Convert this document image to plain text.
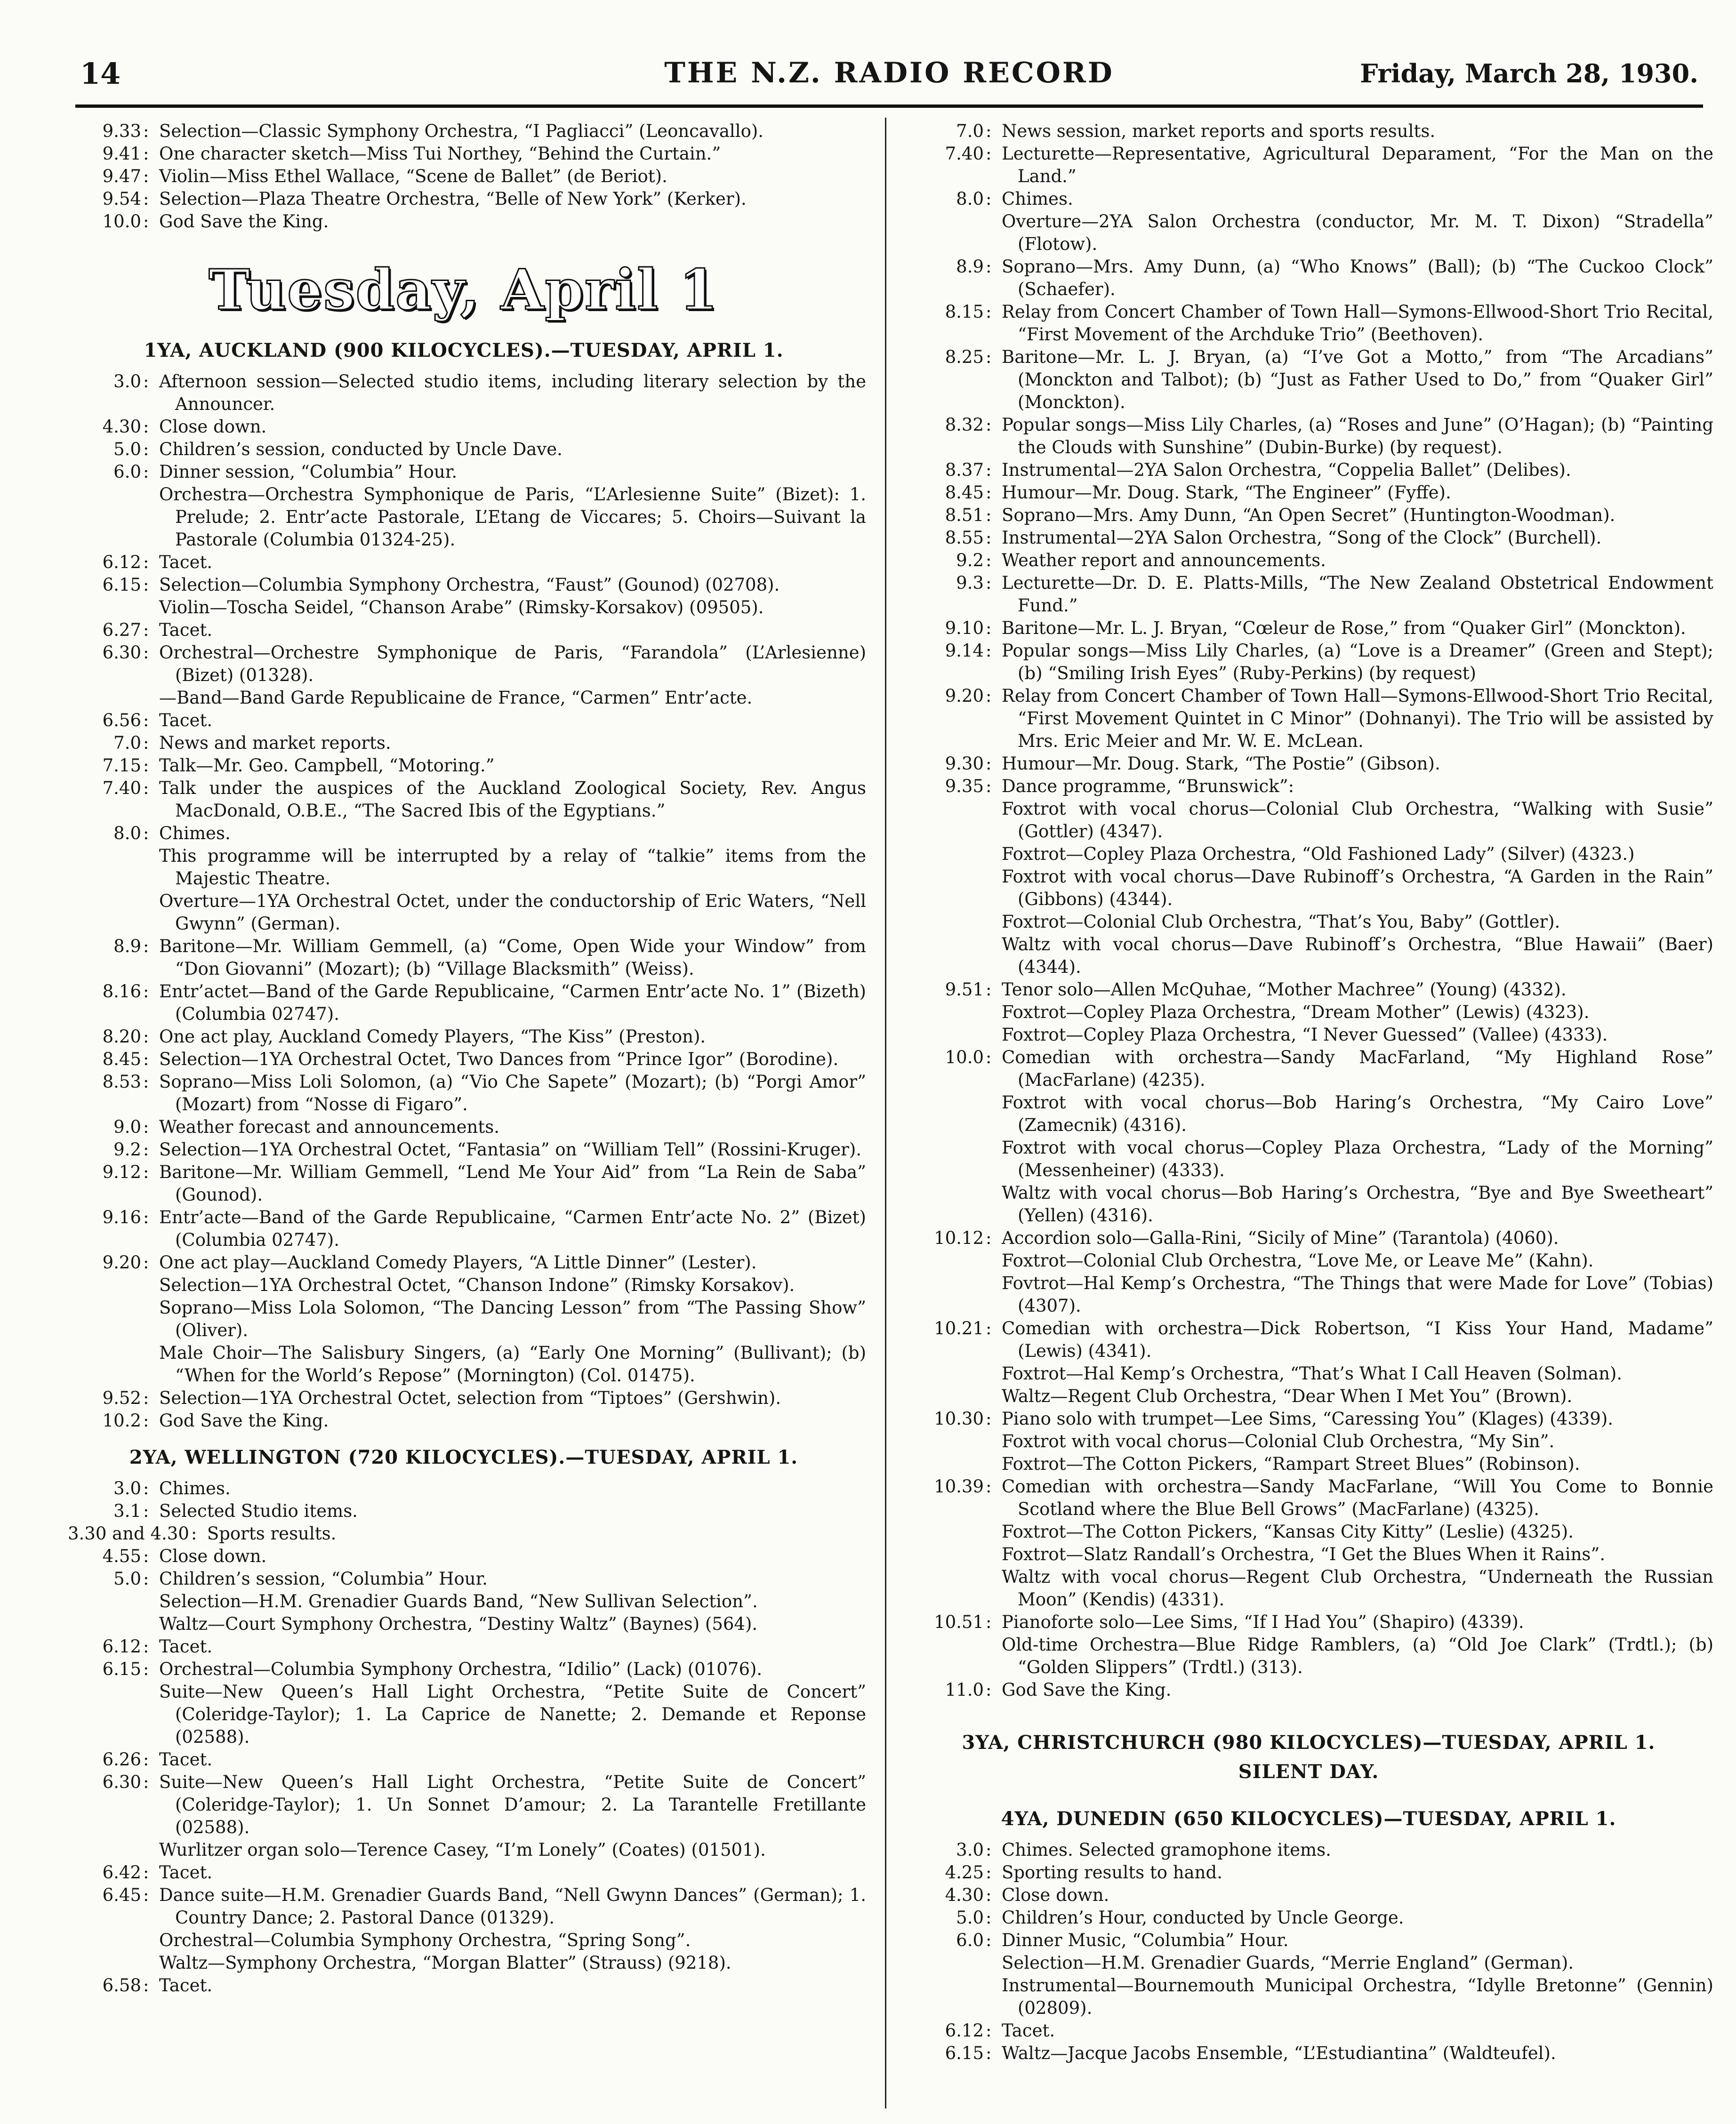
14	THE N.Z. RADIO RECORD	Friday, March 28, 1930.
9.33 : Selection—Classic Symphony Orchestra, “I Pagliacci” (Leoncavallo).
9.41 : One character sketch—Miss Tui Northey, “Behind the Curtain.”
9.47 : Violin—Miss Ethel Wallace, “Scene de Ballet” (de Beriot).
9.54 : Selection—Plaza Theatre Orchestra, “Belle of New York” (Kerker).
10.0 : God Save the King.
Tuesday, April 1
1YA, AUCKLAND (900 KILOCYCLES).—TUESDAY, APRIL 1.
3.0 : Afternoon session—Selected studio items, including literary selection by the Announcer.
4.30 : Close down.
5.0 : Children’s session, conducted by Uncle Dave.
6.0 : Dinner session, “Columbia” Hour.
Orchestra—Orchestra Symphonique de Paris, “L’Arlesienne Suite” (Bizet): 1. Prelude; 2. Entr’acte Pastorale, L’Etang de Viccares; 5. Choirs—Suivant la Pastorale (Columbia 01324-25).
6.12 : Tacet.
6.15 : Selection—Columbia Symphony Orchestra, “Faust” (Gounod) (02708).
Violin—Toscha Seidel, “Chanson Arabe” (Rimsky-Korsakov) (09505).
6.27 : Tacet.
6.30 : Orchestral—Orchestre Symphonique de Paris, “Farandola” (L’Arlesienne) (Bizet) (01328).
—Band—Band Garde Republicaine de France, “Carmen” Entr’acte.
6.56 : Tacet.
7.0 : News and market reports.
7.15 : Talk—Mr. Geo. Campbell, “Motoring.”
7.40 : Talk under the auspices of the Auckland Zoological Society, Rev. Angus MacDonald, O.B.E., “The Sacred Ibis of the Egyptians.”
8.0 : Chimes.
This programme will be interrupted by a relay of “talkie” items from the Majestic Theatre.
Overture—1YA Orchestral Octet, under the conductorship of Eric Waters, “Nell Gwynn” (German).
8.9 : Baritone—Mr. William Gemmell, (a) “Come, Open Wide your Window” from “Don Giovanni” (Mozart); (b) “Village Blacksmith” (Weiss).
8.16 : Entr’actet—Band of the Garde Republicaine, “Carmen Entr’acte No. 1” (Bizeth) (Columbia 02747).
8.20 : One act play, Auckland Comedy Players, “The Kiss” (Preston).
8.45 : Selection—1YA Orchestral Octet, Two Dances from “Prince Igor” (Borodine).
8.53 : Soprano—Miss Loli Solomon, (a) “Vio Che Sapete” (Mozart); (b) “Porgi Amor” (Mozart) from “Nosse di Figaro”.
9.0 : Weather forecast and announcements.
9.2 : Selection—1YA Orchestral Octet, “Fantasia” on “William Tell” (Rossini-Kruger).
9.12 : Baritone—Mr. William Gemmell, “Lend Me Your Aid” from “La Rein de Saba” (Gounod).
9.16 : Entr’acte—Band of the Garde Republicaine, “Carmen Entr’acte No. 2” (Bizet) (Columbia 02747).
9.20 : One act play—Auckland Comedy Players, “A Little Dinner” (Lester).
Selection—1YA Orchestral Octet, “Chanson Indone” (Rimsky Korsakov).
Soprano—Miss Lola Solomon, “The Dancing Lesson” from “The Passing Show” (Oliver).
Male Choir—The Salisbury Singers, (a) “Early One Morning” (Bullivant); (b) “When for the World’s Repose” (Mornington) (Col. 01475).
9.52 : Selection—1YA Orchestral Octet, selection from “Tiptoes” (Gershwin).
10.2 : God Save the King.
2YA, WELLINGTON (720 KILOCYCLES).—TUESDAY, APRIL 1.
3.0 : Chimes.
3.1 : Selected Studio items.
3.30 and 4.30 : Sports results.
4.55 : Close down.
5.0 : Children’s session, “Columbia” Hour.
Selection—H.M. Grenadier Guards Band, “New Sullivan Selection”.
Waltz—Court Symphony Orchestra, “Destiny Waltz” (Baynes) (564).
6.12 : Tacet.
6.15 : Orchestral—Columbia Symphony Orchestra, “Idilio” (Lack) (01076).
Suite—New Queen’s Hall Light Orchestra, “Petite Suite de Concert” (Coleridge-Taylor); 1. La Caprice de Nanette; 2. Demande et Reponse (02588).
6.26 : Tacet.
6.30 : Suite—New Queen’s Hall Light Orchestra, “Petite Suite de Concert” (Coleridge-Taylor); 1. Un Sonnet D’amour; 2. La Tarantelle Fretillante (02588).
Wurlitzer organ solo—Terence Casey, “I’m Lonely” (Coates) (01501).
6.42 : Tacet.
6.45 : Dance suite—H.M. Grenadier Guards Band, “Nell Gwynn Dances” (German); 1. Country Dance; 2. Pastoral Dance (01329).
Orchestral—Columbia Symphony Orchestra, “Spring Song”.
Waltz—Symphony Orchestra, “Morgan Blatter” (Strauss) (9218).
6.58 : Tacet.
7.0 : News session, market reports and sports results.
7.40 : Lecturette—Representative, Agricultural Deparament, “For the Man on the Land.”
8.0 : Chimes.
Overture—2YA Salon Orchestra (conductor, Mr. M. T. Dixon) “Stradella” (Flotow).
8.9 : Soprano—Mrs. Amy Dunn, (a) “Who Knows” (Ball); (b) “The Cuckoo Clock” (Schaefer).
8.15 : Relay from Concert Chamber of Town Hall—Symons-Ellwood-Short Trio Recital, “First Movement of the Archduke Trio” (Beethoven).
8.25 : Baritone—Mr. L. J. Bryan, (a) “I’ve Got a Motto,” from “The Arcadians” (Monckton and Talbot); (b) “Just as Father Used to Do,” from “Quaker Girl” (Monckton).
8.32 : Popular songs—Miss Lily Charles, (a) “Roses and June” (O’Hagan); (b) “Painting the Clouds with Sunshine” (Dubin-Burke) (by request).
8.37 : Instrumental—2YA Salon Orchestra, “Coppelia Ballet” (Delibes).
8.45 : Humour—Mr. Doug. Stark, “The Engineer” (Fyffe).
8.51 : Soprano—Mrs. Amy Dunn, “An Open Secret” (Huntington-Woodman).
8.55 : Instrumental—2YA Salon Orchestra, “Song of the Clock” (Burchell).
9.2 : Weather report and announcements.
9.3 : Lecturette—Dr. D. E. Platts-Mills, “The New Zealand Obstetrical Endowment Fund.”
9.10 : Baritone—Mr. L. J. Bryan, “Cœleur de Rose,” from “Quaker Girl” (Monckton).
9.14 : Popular songs—Miss Lily Charles, (a) “Love is a Dreamer” (Green and Stept); (b) “Smiling Irish Eyes” (Ruby-Perkins) (by request)
9.20 : Relay from Concert Chamber of Town Hall—Symons-Ellwood-Short Trio Recital, “First Movement Quintet in C Minor” (Dohnanyi). The Trio will be assisted by Mrs. Eric Meier and Mr. W. E. McLean.
9.30 : Humour—Mr. Doug. Stark, “The Postie” (Gibson).
9.35 : Dance programme, “Brunswick”:
Foxtrot with vocal chorus—Colonial Club Orchestra, “Walking with Susie” (Gottler) (4347).
Foxtrot—Copley Plaza Orchestra, “Old Fashioned Lady” (Silver) (4323.)
Foxtrot with vocal chorus—Dave Rubinoff’s Orchestra, “A Garden in the Rain” (Gibbons) (4344).
Foxtrot—Colonial Club Orchestra, “That’s You, Baby” (Gottler).
Waltz with vocal chorus—Dave Rubinoff’s Orchestra, “Blue Hawaii” (Baer) (4344).
9.51 : Tenor solo—Allen McQuhae, “Mother Machree” (Young) (4332).
Foxtrot—Copley Plaza Orchestra, “Dream Mother” (Lewis) (4323).
Foxtrot—Copley Plaza Orchestra, “I Never Guessed” (Vallee) (4333).
10.0 : Comedian with orchestra—Sandy MacFarland, “My Highland Rose” (MacFarlane) (4235).
Foxtrot with vocal chorus—Bob Haring’s Orchestra, “My Cairo Love” (Zamecnik) (4316).
Foxtrot with vocal chorus—Copley Plaza Orchestra, “Lady of the Morning” (Messenheiner) (4333).
Waltz with vocal chorus—Bob Haring’s Orchestra, “Bye and Bye Sweetheart” (Yellen) (4316).
10.12 : Accordion solo—Galla-Rini, “Sicily of Mine” (Tarantola) (4060).
Foxtrot—Colonial Club Orchestra, “Love Me, or Leave Me” (Kahn).
Fovtrot—Hal Kemp’s Orchestra, “The Things that were Made for Love” (Tobias) (4307).
10.21 : Comedian with orchestra—Dick Robertson, “I Kiss Your Hand, Madame” (Lewis) (4341).
Foxtrot—Hal Kemp’s Orchestra, “That’s What I Call Heaven (Solman).
Waltz—Regent Club Orchestra, “Dear When I Met You” (Brown).
10.30 : Piano solo with trumpet—Lee Sims, “Caressing You” (Klages) (4339).
Foxtrot with vocal chorus—Colonial Club Orchestra, “My Sin”.
Foxtrot—The Cotton Pickers, “Rampart Street Blues” (Robinson).
10.39 : Comedian with orchestra—Sandy MacFarlane, “Will You Come to Bonnie Scotland where the Blue Bell Grows” (MacFarlane) (4325).
Foxtrot—The Cotton Pickers, “Kansas City Kitty” (Leslie) (4325).
Foxtrot—Slatz Randall’s Orchestra, “I Get the Blues When it Rains”.
Waltz with vocal chorus—Regent Club Orchestra, “Underneath the Russian Moon” (Kendis) (4331).
10.51 : Pianoforte solo—Lee Sims, “If I Had You” (Shapiro) (4339).
Old-time Orchestra—Blue Ridge Ramblers, (a) “Old Joe Clark” (Trdtl.); (b) “Golden Slippers” (Trdtl.) (313).
11.0 : God Save the King.
3YA, CHRISTCHURCH (980 KILOCYCLES)—TUESDAY, APRIL 1.
SILENT DAY.
4YA, DUNEDIN (650 KILOCYCLES)—TUESDAY, APRIL 1.
3.0 : Chimes. Selected gramophone items.
4.25 : Sporting results to hand.
4.30 : Close down.
5.0 : Children’s Hour, conducted by Uncle George.
6.0 : Dinner Music, “Columbia” Hour.
Selection—H.M. Grenadier Guards, “Merrie England” (German).
Instrumental—Bournemouth Municipal Orchestra, “Idylle Bretonne” (Gennin) (02809).
6.12 : Tacet.
6.15 : Waltz—Jacque Jacobs Ensemble, “L’Estudiantina” (Waldteufel).
